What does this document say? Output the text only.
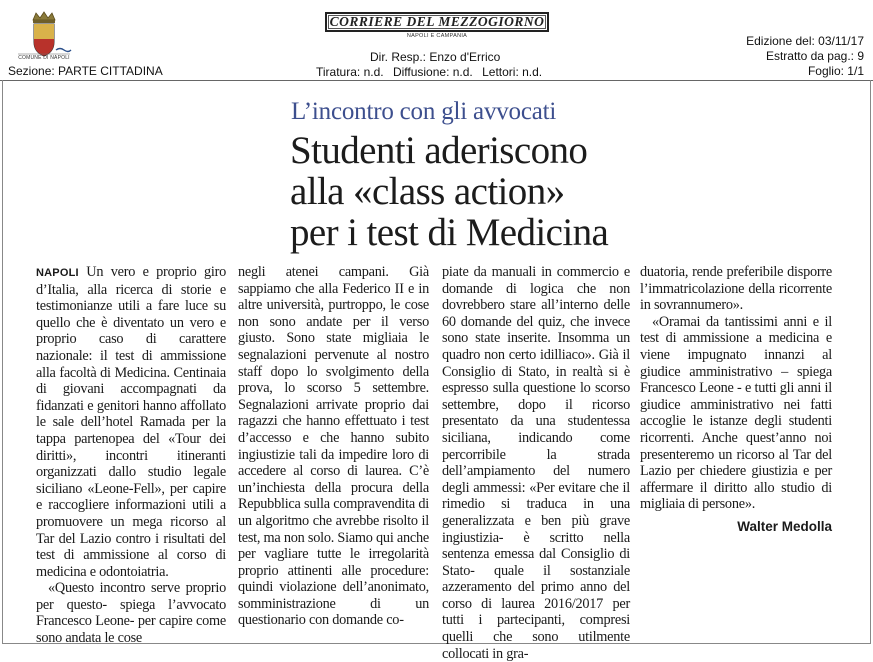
COMUNE DI NAPOLI
Sezione: PARTE CITTADINA
CORRIERE DEL MEZZOGIORNO
NAPOLI E CAMPANIA
Dir. Resp.: Enzo d'Errico
Tiratura: n.d. Diffusione: n.d. Lettori: n.d.
Edizione del: 03/11/17
Estratto da pag.: 9
Foglio: 1/1
L’incontro con gli avvocati
Studenti aderiscono
alla «class action»
per i test di Medicina

NAPOLI Un vero e proprio giro d’Italia, alla ricerca di storie e testimonianze utili a fare luce su quello che è diventato un vero e proprio caso di carattere nazionale: il test di ammissione alla facoltà di Medicina. Centinaia di giovani accompagnati da fidanzati e genitori hanno affollato le sale dell’hotel Ramada per la tappa partenopea del «Tour dei diritti», incontri itineranti organizzati dallo studio legale siciliano «Leone-Fell», per capire e raccogliere informazioni utili a promuovere un mega ricorso al Tar del Lazio contro i risultati del test di ammissione al corso di medicina e odontoiatria.

«Questo incontro serve proprio per questo- spiega l’avvocato Francesco Leone- per capire come sono andata le cose

negli atenei campani. Già sappiamo che alla Federico II e in altre università, purtroppo, le cose non sono andate per il verso giusto. Sono state migliaia le segnalazioni pervenute al nostro staff dopo lo svolgimento della prova, lo scorso 5 settembre. Segnalazioni arrivate proprio dai ragazzi che hanno effettuato i test d’accesso e che hanno subito ingiustizie tali da impedire loro di accedere al corso di laurea. C’è un’inchiesta della procura della Repubblica sulla compravendita di un algoritmo che avrebbe risolto il test, ma non solo. Siamo qui anche per vagliare tutte le irregolarità proprio attinenti alle procedure: quindi violazione dell’anonimato, somministrazione di un questionario con domande co-

piate da manuali in commercio e domande di logica che non dovrebbero stare all’interno delle 60 domande del quiz, che invece sono state inserite. Insomma un quadro non certo idilliaco». Già il Consiglio di Stato, in realtà si è espresso sulla questione lo scorso settembre, dopo il ricorso presentato da una studentessa siciliana, indicando come percorribile la strada dell’ampiamento del numero degli ammessi: «Per evitare che il rimedio si traduca in una generalizzata e ben più grave ingiustizia- è scritto nella sentenza emessa dal Consiglio di Stato- quale il sostanziale azzeramento del primo anno del corso di laurea 2016/2017 per tutti i partecipanti, compresi quelli che sono utilmente collocati in gra-

duatoria, rende preferibile disporre l’immatricolazione della ricorrente in sovrannumero».

«Oramai da tantissimi anni e il test di ammissione a medicina e viene impugnato innanzi al giudice amministrativo – spiega Francesco Leone - e tutti gli anni il giudice amministrativo nei fatti accoglie le istanze degli studenti ricorrenti. Anche quest’anno noi presenteremo un ricorso al Tar del Lazio per chiedere giustizia e per affermare il diritto allo studio di migliaia di persone».

Walter Medolla
